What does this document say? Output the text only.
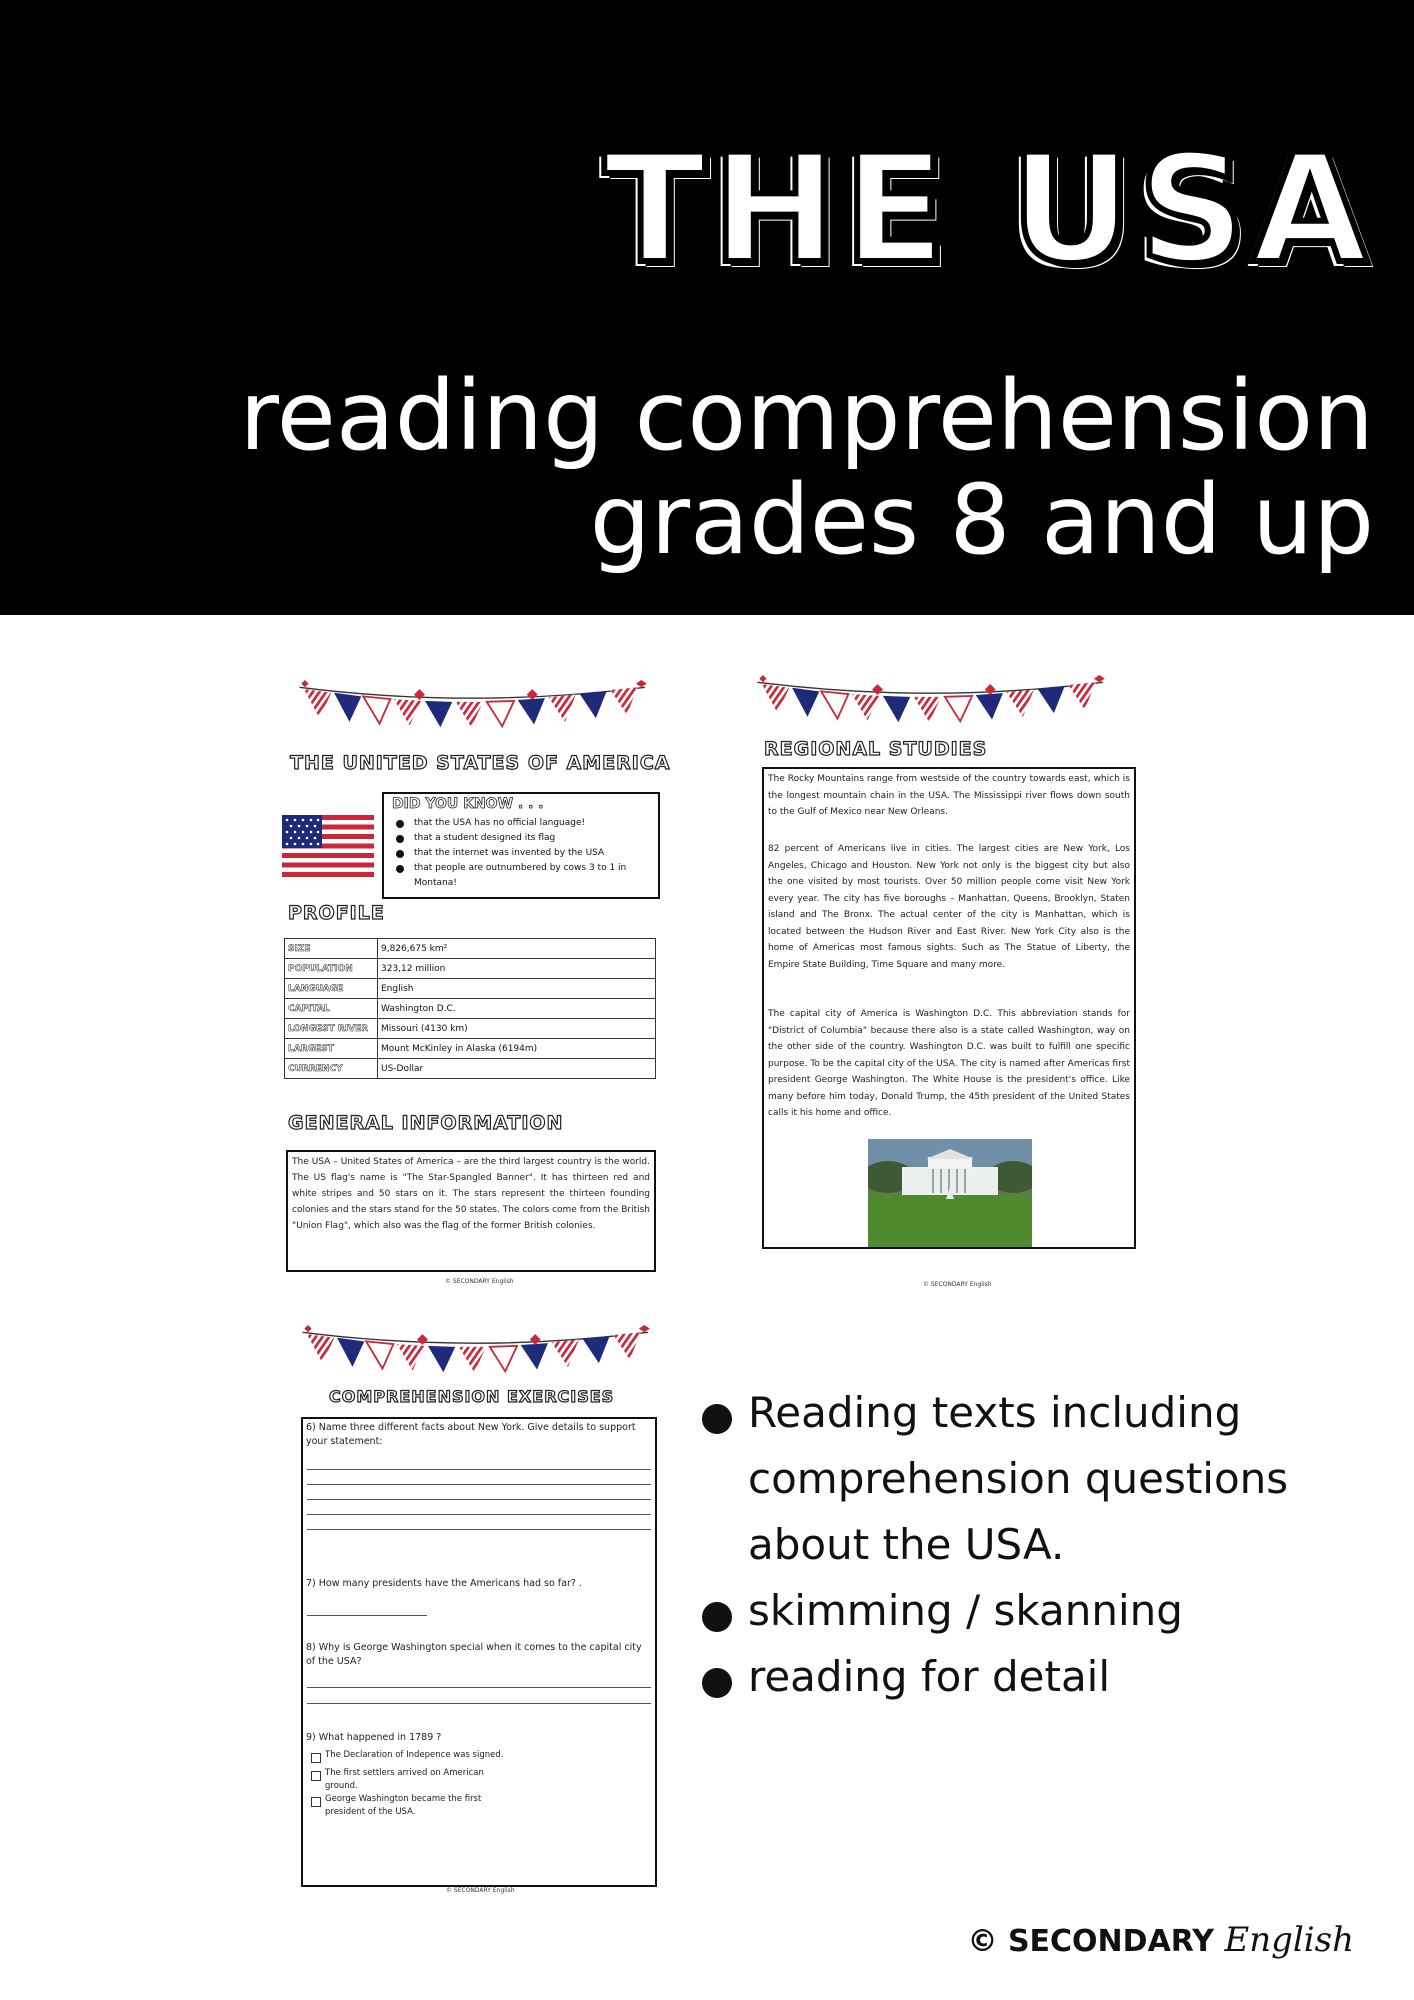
THE USA
reading comprehension
grades 8 and up
THE UNITED STATES OF AMERICA
DID YOU KNOW . . .
that the USA has no official language!
that a student designed its flag
that the internet was invented by the USA
that people are outnumbered by cows 3 to 1 in Montana!
PROFILE
SIZE	9,826,675 km²
POPULATION	323,12 million
LANGUAGE	English
CAPITAL	Washington D.C.
LONGEST RIVER	Missouri (4130 km)
LARGEST	Mount McKinley in Alaska (6194m)
CURRENCY	US-Dollar
GENERAL INFORMATION
The USA – United States of America – are the third largest country is the world. The US flag's name is "The Star-Spangled Banner". It has thirteen red and white stripes and 50 stars on it. The stars represent the thirteen founding colonies and the stars stand for the 50 states. The colors come from the British "Union Flag", which also was the flag of the former British colonies.
© SECONDARY English
REGIONAL STUDIES
The Rocky Mountains range from westside of the country towards east, which is the longest mountain chain in the USA. The Mississippi river flows down south to the Gulf of Mexico near New Orleans.
82 percent of Americans live in cities. The largest cities are New York, Los Angeles, Chicago and Houston. New York not only is the biggest city but also the one visited by most tourists. Over 50 million people come visit New York every year. The city has five boroughs – Manhattan, Queens, Brooklyn, Staten island and The Bronx. The actual center of the city is Manhattan, which is located between the Hudson River and East River. New York City also is the home of Americas most famous sights. Such as The Statue of Liberty, the Empire State Building, Time Square and many more.
The capital city of America is Washington D.C. This abbreviation stands for "District of Columbia" because there also is a state called Washington, way on the other side of the country. Washington D.C. was built to fulfill one specific purpose. To be the capital city of the USA. The city is named after Americas first president George Washington. The White House is the president's office. Like many before him today, Donald Trump, the 45th president of the United States calls it his home and office.
© SECONDARY English
COMPREHENSION EXERCISES
6) Name three different facts about New York. Give details to support your statement:
7) How many presidents have the Americans had so far? .
8) Why is George Washington special when it comes to the capital city of the USA?
9) What happened in 1789 ?
The Declaration of Indepence was signed.
The first settlers arrived on American ground.
George Washington became the first president of the USA.
© SECONDARY English
Reading texts including comprehension questions about the USA.
skimming / skanning
reading for detail
© SECONDARY English
